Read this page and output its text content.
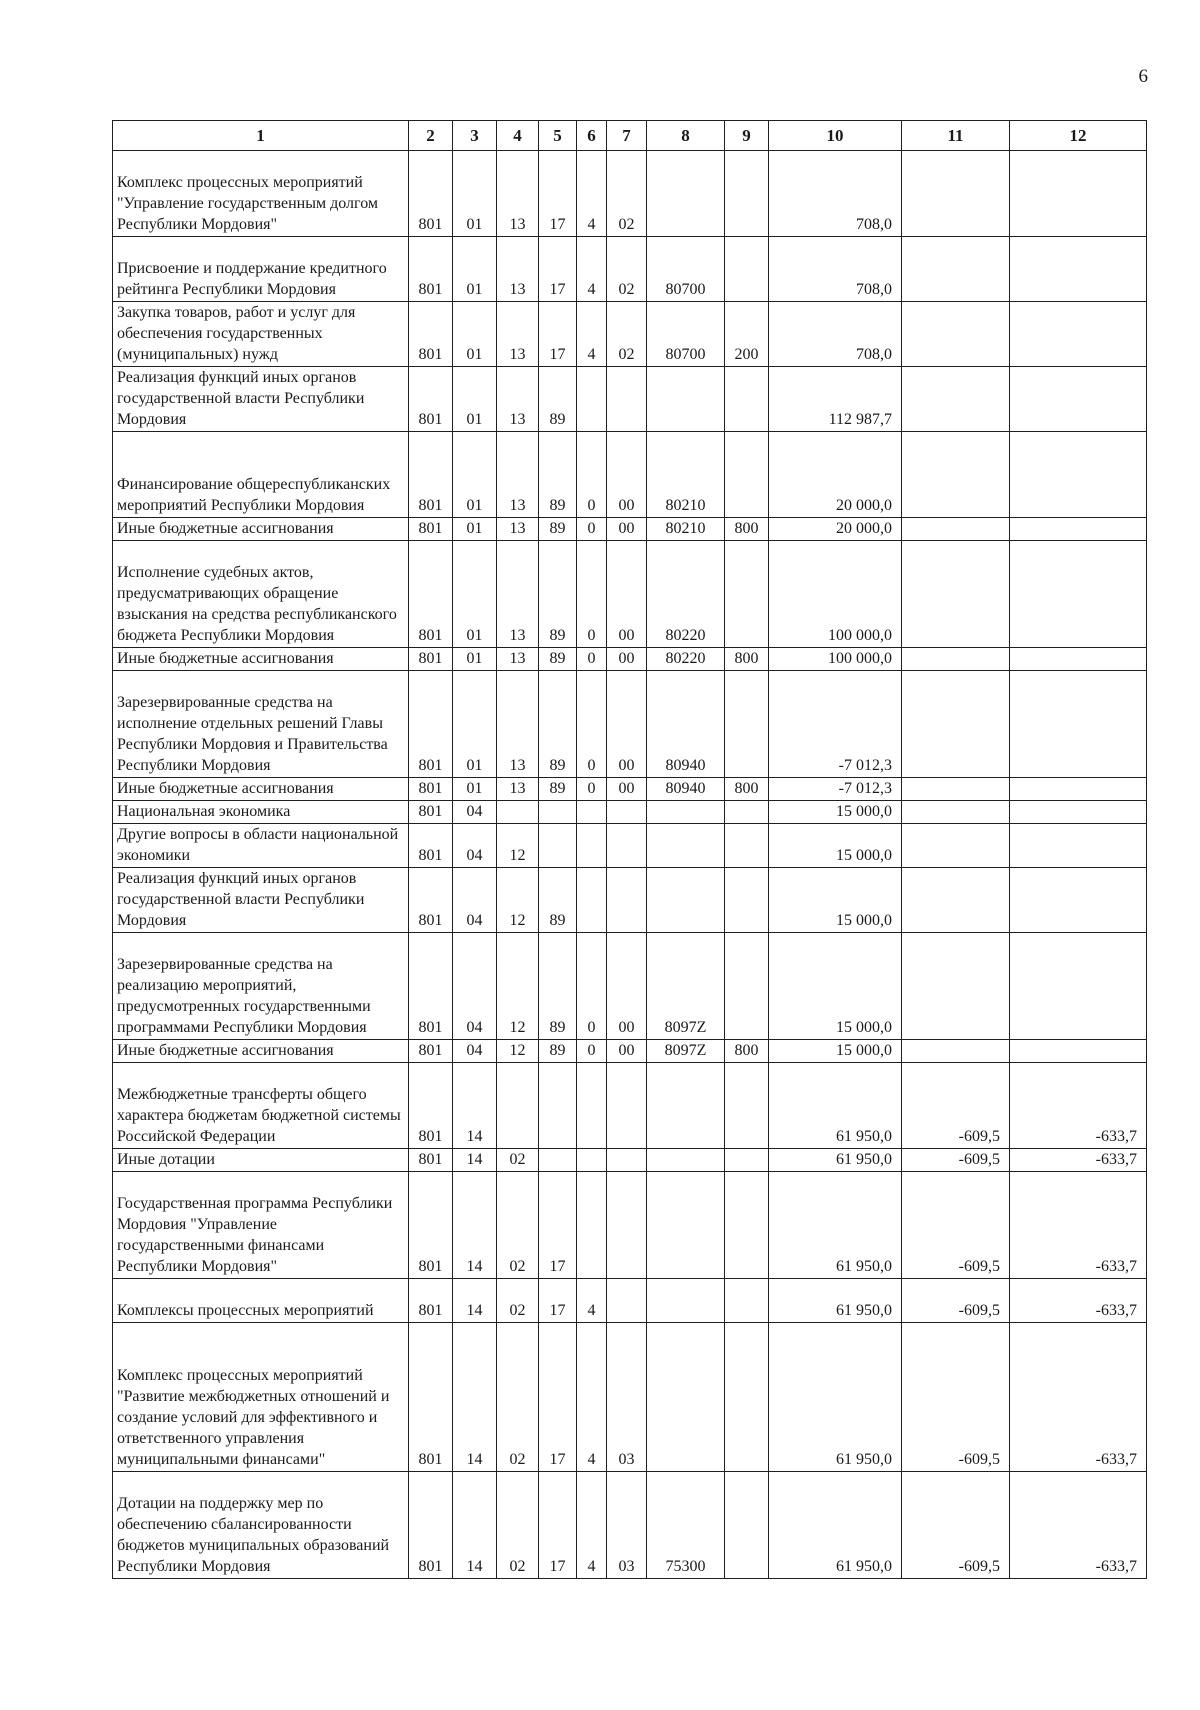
6
1	2	3	4	5	6	7	8	9	10	11	12
Комплекс процессных мероприятий "Управление государственным долгом Республики Мордовия"	801	01	13	17	4	02			708,0		
Присвоение и поддержание кредитного рейтинга Республики Мордовия	801	01	13	17	4	02	80700		708,0		
Закупка товаров, работ и услуг для обеспечения государственных (муниципальных) нужд	801	01	13	17	4	02	80700	200	708,0		
Реализация функций иных органов государственной власти Республики Мордовия	801	01	13	89					112 987,7		
Финансирование общереспубликанских мероприятий Республики Мордовия	801	01	13	89	0	00	80210		20 000,0		
Иные бюджетные ассигнования	801	01	13	89	0	00	80210	800	20 000,0		
Исполнение судебных актов, предусматривающих обращение взыскания на средства республиканского бюджета Республики Мордовия	801	01	13	89	0	00	80220		100 000,0		
Иные бюджетные ассигнования	801	01	13	89	0	00	80220	800	100 000,0		
Зарезервированные средства на исполнение отдельных решений Главы Республики Мордовия и Правительства Республики Мордовия	801	01	13	89	0	00	80940		-7 012,3		
Иные бюджетные ассигнования	801	01	13	89	0	00	80940	800	-7 012,3		
Национальная экономика	801	04							15 000,0		
Другие вопросы в области национальной экономики	801	04	12						15 000,0		
Реализация функций иных органов государственной власти Республики Мордовия	801	04	12	89					15 000,0		
Зарезервированные средства на реализацию мероприятий, предусмотренных государственными программами Республики Мордовия	801	04	12	89	0	00	8097Z		15 000,0		
Иные бюджетные ассигнования	801	04	12	89	0	00	8097Z	800	15 000,0		
Межбюджетные трансферты общего характера бюджетам бюджетной системы Российской Федерации	801	14							61 950,0	-609,5	-633,7
Иные дотации	801	14	02						61 950,0	-609,5	-633,7
Государственная программа Республики Мордовия "Управление государственными финансами Республики Мордовия"	801	14	02	17					61 950,0	-609,5	-633,7
Комплексы процессных мероприятий	801	14	02	17	4				61 950,0	-609,5	-633,7
Комплекс процессных мероприятий "Развитие межбюджетных отношений и создание условий для эффективного и ответственного управления муниципальными финансами"	801	14	02	17	4	03			61 950,0	-609,5	-633,7
Дотации на поддержку мер по обеспечению сбалансированности бюджетов муниципальных образований Республики Мордовия	801	14	02	17	4	03	75300		61 950,0	-609,5	-633,7
